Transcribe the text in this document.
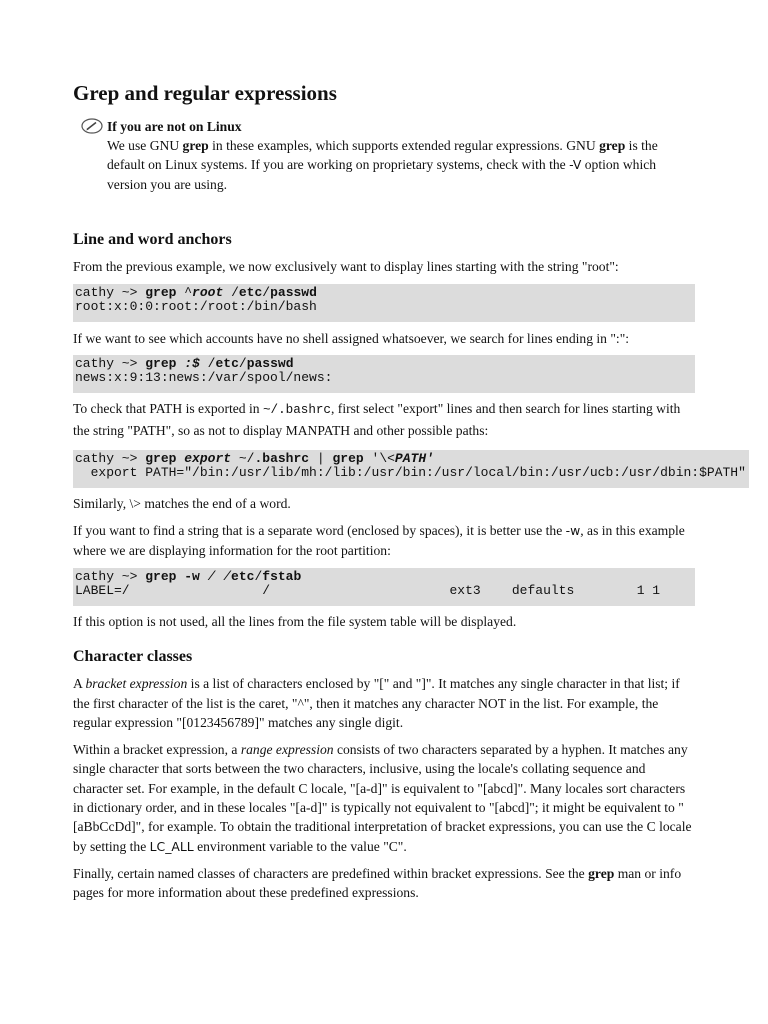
Grep and regular expressions
If you are not on Linux

We use GNU grep in these examples, which supports extended regular expressions. GNU grep is the default on Linux systems. If you are working on proprietary systems, check with the -V option which version you are using.

Line and word anchors

From the previous example, we now exclusively want to display lines starting with the string "root":

cathy ~> grep ^root /etc/passwd
root:x:0:0:root:/root:/bin/bash

If we want to see which accounts have no shell assigned whatsoever, we search for lines ending in ":":

cathy ~> grep :$ /etc/passwd
news:x:9:13:news:/var/spool/news:

To check that PATH is exported in ~/.bashrc, first select "export" lines and then search for lines starting with the string "PATH", so as not to display MANPATH and other possible paths:

cathy ~> grep export ~/.bashrc | grep '\<PATH'
export PATH="/bin:/usr/lib/mh:/lib:/usr/bin:/usr/local/bin:/usr/ucb:/usr/dbin:$PATH"

Similarly, \> matches the end of a word.

If you want to find a string that is a separate word (enclosed by spaces), it is better use the -w, as in this example where we are displaying information for the root partition:

cathy ~> grep -w / /etc/fstab
LABEL=/                 /                       ext3    defaults        1 1

If this option is not used, all the lines from the file system table will be displayed.

Character classes

A bracket expression is a list of characters enclosed by "[" and "]". It matches any single character in that list; if the first character of the list is the caret, "^", then it matches any character NOT in the list. For example, the regular expression "[0123456789]" matches any single digit.

Within a bracket expression, a range expression consists of two characters separated by a hyphen. It matches any single character that sorts between the two characters, inclusive, using the locale's collating sequence and character set. For example, in the default C locale, "[a-d]" is equivalent to "[abcd]". Many locales sort characters in dictionary order, and in these locales "[a-d]" is typically not equivalent to "[abcd]"; it might be equivalent to "[aBbCcDd]", for example. To obtain the traditional interpretation of bracket expressions, you can use the C locale by setting the LC_ALL environment variable to the value "C".

Finally, certain named classes of characters are predefined within bracket expressions. See the grep man or info pages for more information about these predefined expressions.
